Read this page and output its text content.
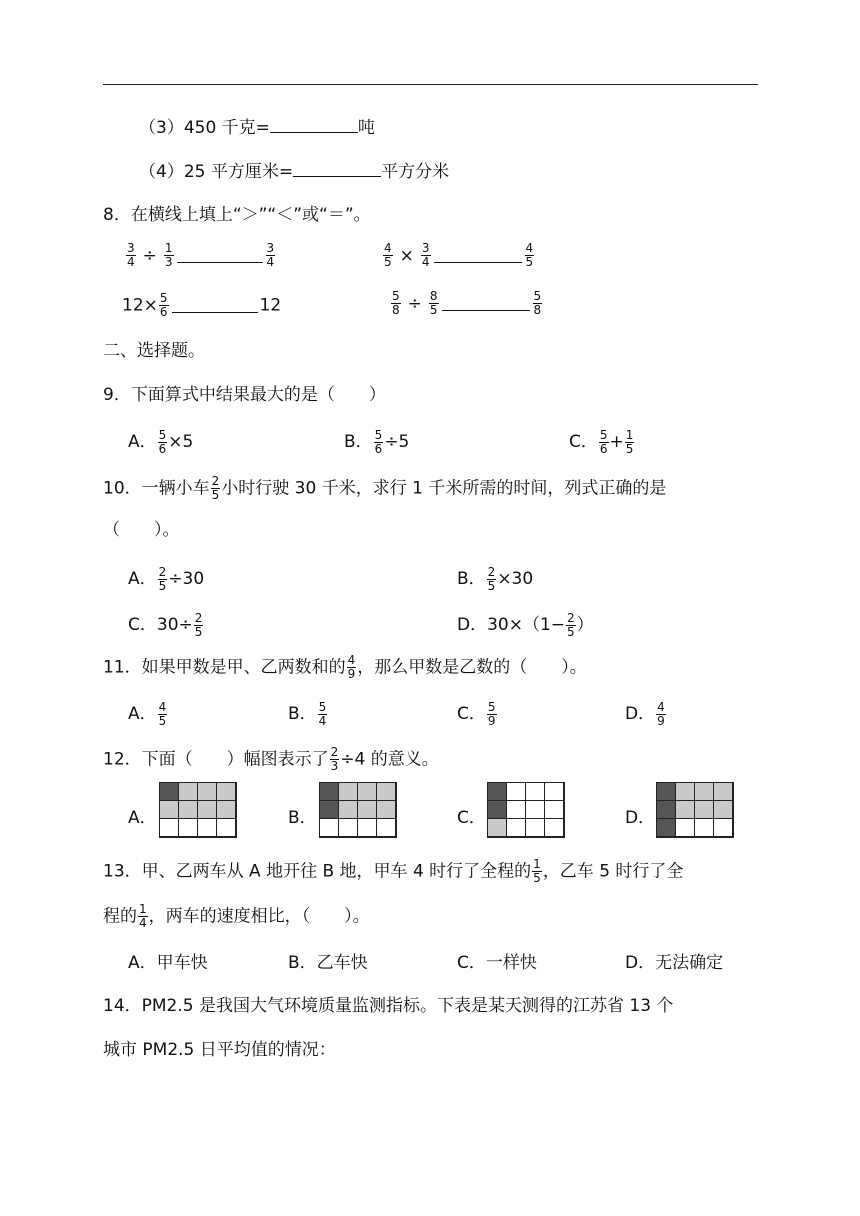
（3）450 千克=	吨
（4）25 平方厘米=	平方分米
8．在横线上填上“＞”“＜”或“＝”。
$\frac{3}{4} \div \frac{1}{3}$	$\frac{3}{4}$	$\frac{4}{5} \times \frac{3}{4}$	$\frac{4}{5}$
$12\times \frac{5}{6}$	12	$\frac{5}{8} \div \frac{8}{5}$	$\frac{5}{8}$
二、选择题。
9．下面算式中结果最大的是（　　）
A． $\frac{5}{6} \times 5$	B． $\frac{5}{6} \div 5$	C． $\frac{5}{6} + \frac{1}{5}$
10．一辆小车 $\frac{2}{5}$ 小时行驶 30 千米，求行 1 千米所需的时间，列式正确的是
（　　）。
A． $\frac{2}{5} \div 30$	B． $\frac{2}{5} \times 30$
C．$30\div \frac{2}{5}$	D．$30\times(1- \frac{2}{5}$ ）
11．如果甲数是甲、乙两数和的 $\frac{4}{9}$ ，那么甲数是乙数的（　　）。
A． $\frac{4}{5}$	B． $\frac{5}{4}$	C． $\frac{5}{9}$	D． $\frac{4}{9}$
12．下面（　　）幅图表示了 $\frac{2}{3} \div 4$ 的意义。
A．	B．	C．	D．
13．甲、乙两车从 A 地开往 B 地，甲车 4 时行了全程的 $\frac{1}{5}$ ，乙车 5 时行了全
程的 $\frac{1}{4}$ ，两车的速度相比，（　　）。
A．甲车快	B．乙车快	C．一样快	D．无法确定
14．PM2.5 是我国大气环境质量监测指标。下表是某天测得的江苏省 13 个
城市 PM2.5 日平均值的情况：
